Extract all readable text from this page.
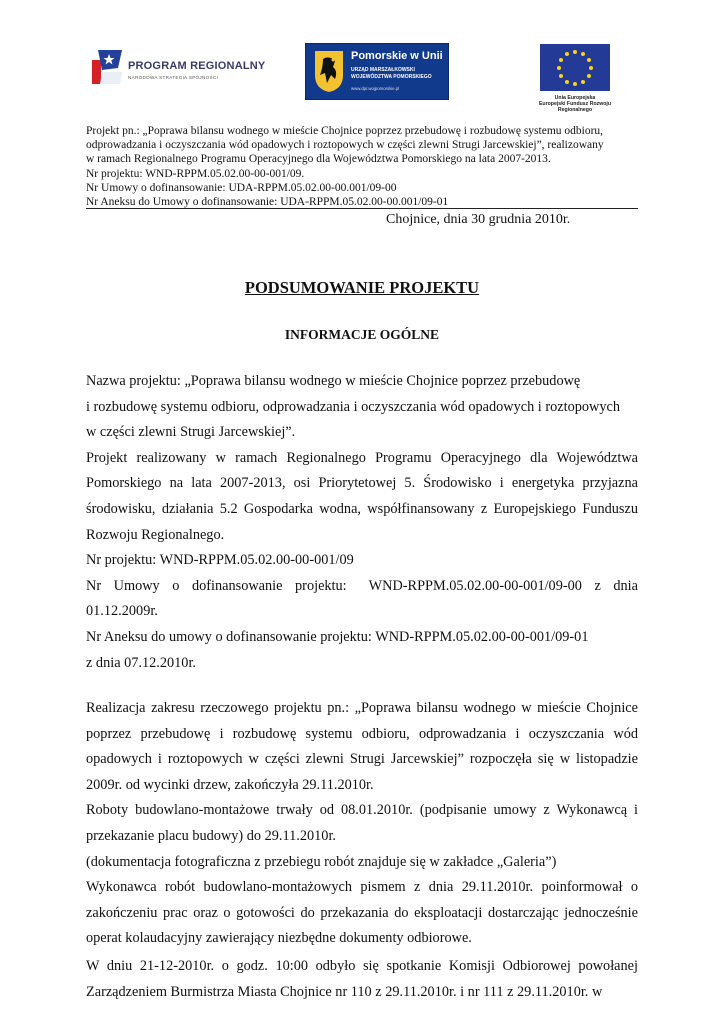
PROGRAM REGIONALNY
NARODOWA STRATEGIA SPÓJNOŚCI
Pomorskie w Unii
URZĄD MARSZAŁKOWSKI
WOJEWÓDZTWA POMORSKIEGO
www.dpr.wojpomorskie.pl
Unia Europejska
Europejski Fundusz Rozwoju
Regionalnego

Projekt pn.: „Poprawa bilansu wodnego w mieście Chojnice poprzez przebudowę i rozbudowę systemu odbioru,

odprowadzania i oczyszczania wód opadowych i roztopowych w części zlewni Strugi Jarcewskiej”, realizowany

w ramach Regionalnego Programu Operacyjnego dla Województwa Pomorskiego na lata 2007-2013.

Nr projektu: WND-RPPM.05.02.00-00-001/09.

Nr Umowy o dofinansowanie: UDA-RPPM.05.02.00-00.001/09-00

Nr Aneksu do Umowy o dofinansowanie: UDA-RPPM.05.02.00-00.001/09-01

Chojnice, dnia 30 grudnia 2010r.
PODSUMOWANIE PROJEKTU
INFORMACJE OGÓLNE

Nazwa projektu: „Poprawa bilansu wodnego w mieście Chojnice poprzez przebudowę

i rozbudowę systemu odbioru, odprowadzania i oczyszczania wód opadowych i roztopowych

w części zlewni Strugi Jarcewskiej”.

Projekt realizowany w ramach Regionalnego Programu Operacyjnego dla Województwa Pomorskiego na lata 2007-2013, osi Priorytetowej 5. Środowisko i energetyka przyjazna środowisku, działania 5.2 Gospodarka wodna, współfinansowany z Europejskiego Funduszu Rozwoju Regionalnego.

Nr projektu: WND-RPPM.05.02.00-00-001/09

Nr Umowy o dofinansowanie projektu: WND-RPPM.05.02.00-00-001/09-00 z dnia 01.12.2009r.

Nr Aneksu do umowy o dofinansowanie projektu: WND-RPPM.05.02.00-00-001/09-01

z dnia 07.12.2010r.

Realizacja zakresu rzeczowego projektu pn.: „Poprawa bilansu wodnego w mieście Chojnice poprzez przebudowę i rozbudowę systemu odbioru, odprowadzania i oczyszczania wód opadowych i roztopowych w części zlewni Strugi Jarcewskiej” rozpoczęła się w listopadzie 2009r. od wycinki drzew, zakończyła 29.11.2010r.

Roboty budowlano-montażowe trwały od 08.01.2010r. (podpisanie umowy z Wykonawcą i przekazanie placu budowy) do 29.11.2010r.

(dokumentacja fotograficzna z przebiegu robót znajduje się w zakładce „Galeria”)

Wykonawca robót budowlano-montażowych pismem z dnia 29.11.2010r. poinformował o zakończeniu prac oraz o gotowości do przekazania do eksploatacji dostarczając jednocześnie operat kolaudacyjny zawierający niezbędne dokumenty odbiorowe.

W dniu 21-12-2010r. o godz. 10:00 odbyło się spotkanie Komisji Odbiorowej powołanej Zarządzeniem Burmistrza Miasta Chojnice nr 110 z 29.11.2010r. i nr 111 z 29.11.2010r. w
